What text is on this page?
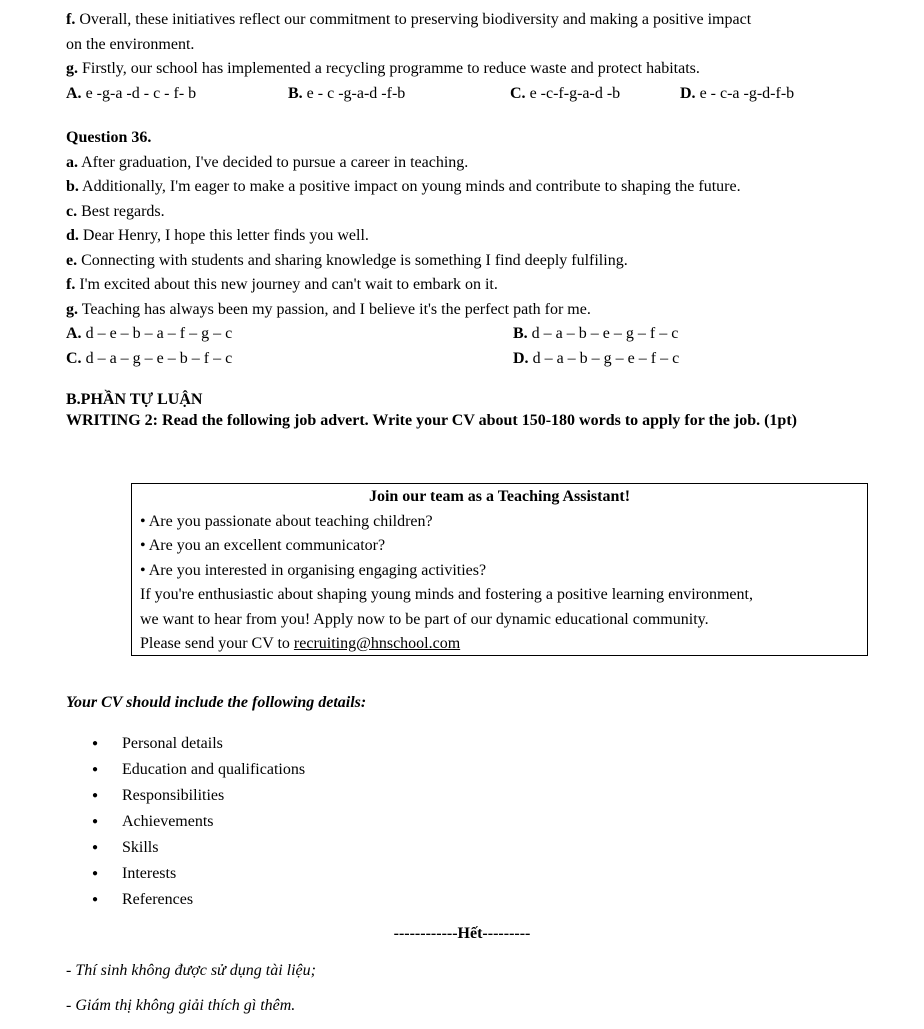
f. Overall, these initiatives reflect our commitment to preserving biodiversity and making a positive impact
on the environment.
g. Firstly, our school has implemented a recycling programme to reduce waste and protect habitats.
A. e -g-a -d - c - f- b	B. e - c -g-a-d -f-b	C. e -c-f-g-a-d -b	D. e - c-a -g-d-f-b
Question 36.
a. After graduation, I've decided to pursue a career in teaching.
b. Additionally, I'm eager to make a positive impact on young minds and contribute to shaping the future.
c. Best regards.
d. Dear Henry, I hope this letter finds you well.
e. Connecting with students and sharing knowledge is something I find deeply fulfiling.
f. I'm excited about this new journey and can't wait to embark on it.
g. Teaching has always been my passion, and I believe it's the perfect path for me.
A. d – e – b – a – f – g – c	B. d – a – b – e – g – f – c
C. d – a – g – e – b – f – c	D. d – a – b – g – e – f – c
B.PHẦN TỰ LUẬN
WRITING 2: Read the following job advert. Write your CV about 150-180 words to apply for the job. (1pt)
Join our team as a Teaching Assistant!
• Are you passionate about teaching children?
• Are you an excellent communicator?
• Are you interested in organising engaging activities?
If you're enthusiastic about shaping young minds and fostering a positive learning environment,
we want to hear from you! Apply now to be part of our dynamic educational community.
Please send your CV to recruiting@hnschool.com
Your CV should include the following details:
● Personal details
● Education and qualifications
● Responsibilities
● Achievements
● Skills
● Interests
● References
------------Hết---------
- Thí sinh không được sử dụng tài liệu;
- Giám thị không giải thích gì thêm.
